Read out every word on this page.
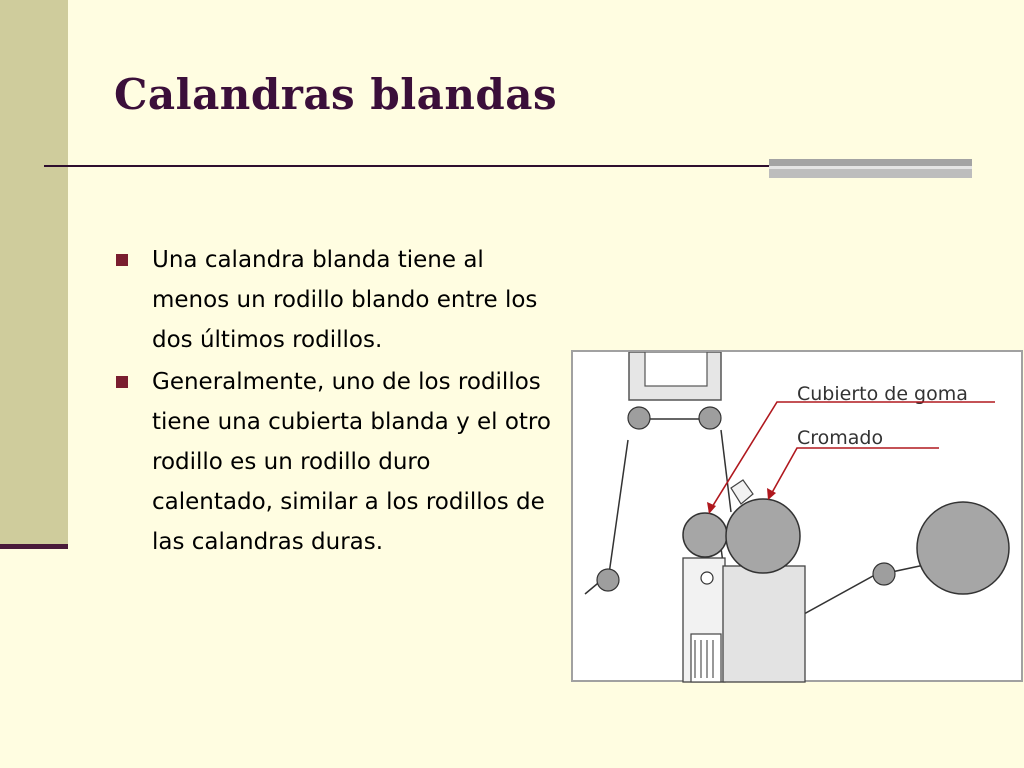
Calandras blandas
Una calandra blanda tiene al menos un rodillo blando entre los dos últimos rodillos.
Generalmente, uno de los rodillos tiene una cubierta blanda y el otro rodillo es un rodillo duro calentado, similar a los rodillos de las calandras duras.
Cubierto de goma
Cromado
